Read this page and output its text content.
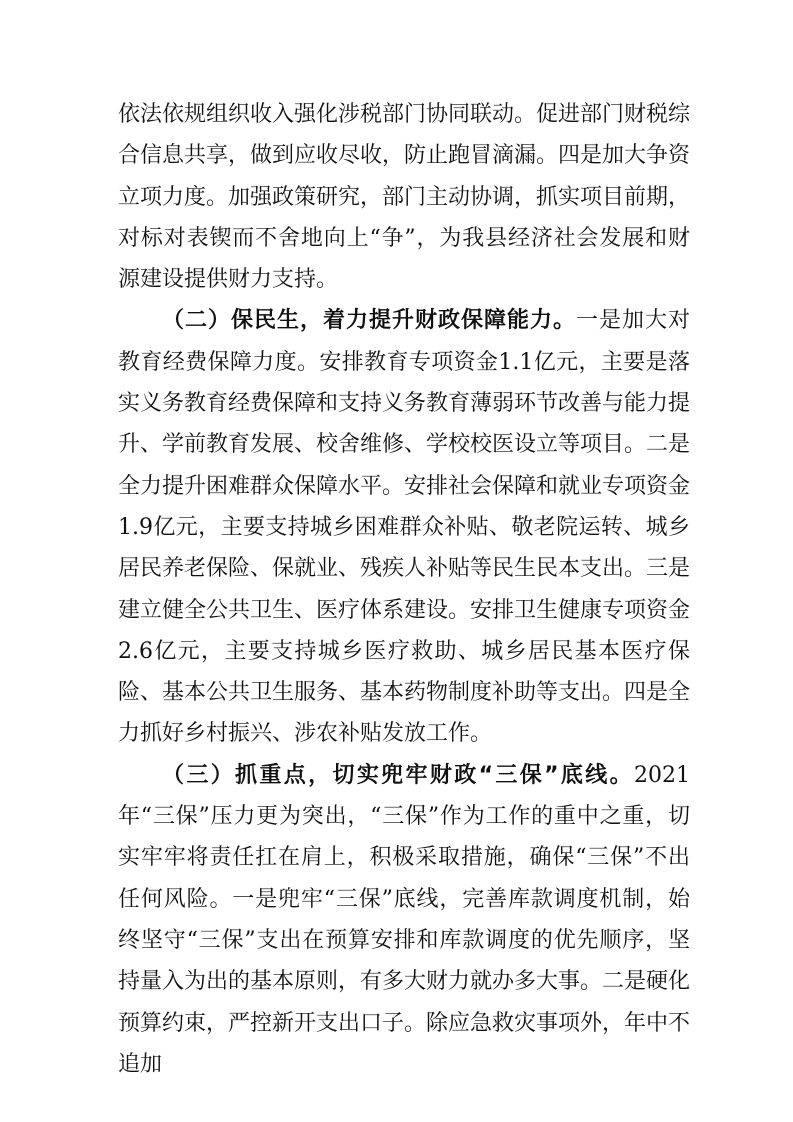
依法依规组织收入强化涉税部门协同联动。促进部门财税综合信息共享，做到应收尽收，防止跑冒滴漏。四是加大争资立项力度。加强政策研究，部门主动协调，抓实项目前期，对标对表锲而不舍地向上“争”，为我县经济社会发展和财源建设提供财力支持。

（二）保民生，着力提升财政保障能力。一是加大对教育经费保障力度。安排教育专项资金1.1亿元，主要是落实义务教育经费保障和支持义务教育薄弱环节改善与能力提升、学前教育发展、校舍维修、学校校医设立等项目。二是全力提升困难群众保障水平。安排社会保障和就业专项资金1.9亿元，主要支持城乡困难群众补贴、敬老院运转、城乡居民养老保险、保就业、残疾人补贴等民生民本支出。三是建立健全公共卫生、医疗体系建设。安排卫生健康专项资金2.6亿元，主要支持城乡医疗救助、城乡居民基本医疗保险、基本公共卫生服务、基本药物制度补助等支出。四是全力抓好乡村振兴、涉农补贴发放工作。

（三）抓重点，切实兜牢财政“三保”底线。2021年“三保”压力更为突出，“三保”作为工作的重中之重，切实牢牢将责任扛在肩上，积极采取措施，确保“三保”不出任何风险。一是兜牢“三保”底线，完善库款调度机制，始终坚守“三保”支出在预算安排和库款调度的优先顺序，坚持量入为出的基本原则，有多大财力就办多大事。二是硬化预算约束，严控新开支出口子。除应急救灾事项外，年中不追加
